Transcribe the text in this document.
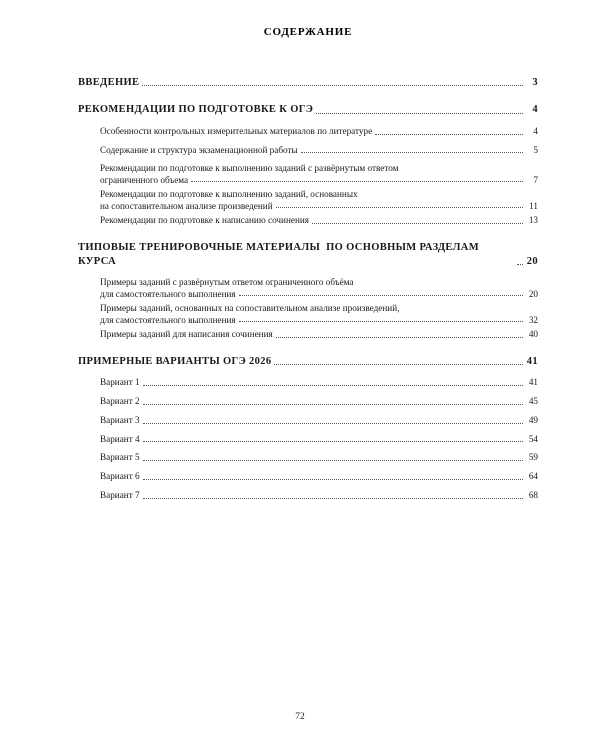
СОДЕРЖАНИЕ
ВВЕДЕНИЕ	3
РЕКОМЕНДАЦИИ ПО ПОДГОТОВКЕ К ОГЭ	4
Особенности контрольных измерительных материалов по литературе	4
Содержание и структура экзаменационной работы	5
Рекомендации по подготовке к выполнению заданий с развёрнутым ответом
ограниченного объема	7
Рекомендации по подготовке к выполнению заданий, основанных
на сопоставительном анализе произведений	11
Рекомендации по подготовке к написанию сочинения	13
ТИПОВЫЕ ТРЕНИРОВОЧНЫЕ МАТЕРИАЛЫ  ПО ОСНОВНЫМ РАЗДЕЛАМ КУРСА	20
Примеры заданий с развёрнутым ответом ограниченного объёма
для самостоятельного выполнения	20
Примеры заданий, основанных на сопоставительном анализе произведений,
для самостоятельного выполнения	32
Примеры заданий для написания сочинения	40
ПРИМЕРНЫЕ ВАРИАНТЫ ОГЭ 2026	41
Вариант 1	41
Вариант 2	45
Вариант 3	49
Вариант 4	54
Вариант 5	59
Вариант 6	64
Вариант 7	68
72
